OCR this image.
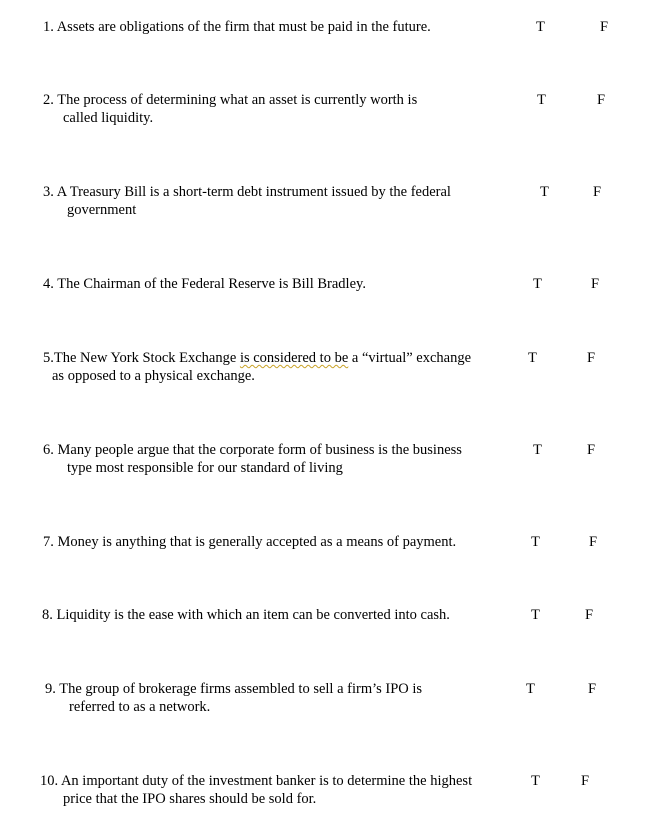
1. Assets are obligations of the firm that must be paid in the future.	T	F
2. The process of determining what an asset is currently worth is
called liquidity.
T	F
3. A Treasury Bill is a short-term debt instrument issued by the federal
government
T	F
4. The Chairman of the Federal Reserve is Bill Bradley.	T	F
5.The New York Stock Exchange is considered to be a “virtual” exchange
as opposed to a physical exchange.
T	F
6. Many people argue that the corporate form of business is the business
type most responsible for our standard of living
T	F
7. Money is anything that is generally accepted as a means of payment.	T	F
8. Liquidity is the ease with which an item can be converted into cash.	T	F
9. The group of brokerage firms assembled to sell a firm’s IPO is
referred to as a network.
T	F
10. An important duty of the investment banker is to determine the highest
price that the IPO shares should be sold for.
T	F
